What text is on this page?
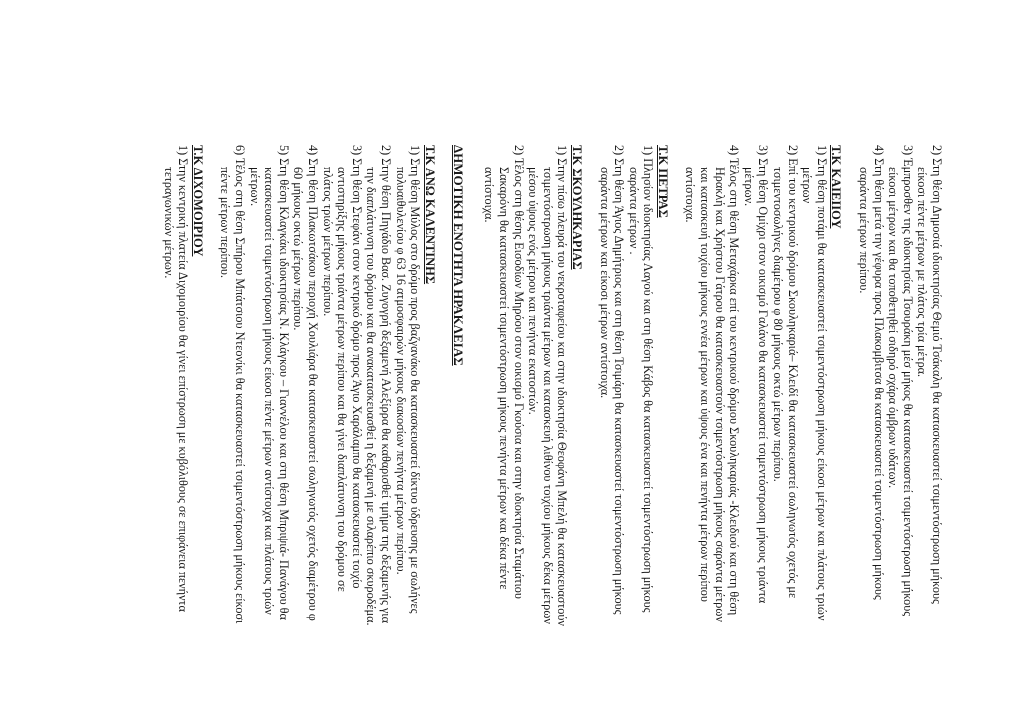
2) Στη θέση Δημοσιά ιδιοκτησίας Θεμιό Τσάκαλη θα κατασκευαστεί τσιμεντόστρωση μήκους είκοσι πέντε μέτρων με πλάτος τρία μέτρα.

3) Έμπροσθεν της ιδιοκτησίας Τσουράκη μέσ μήκος θα κατασκευαστεί τσιμεντόστρωση μήκους είκοσι μέτρων και θα τοποθετηθεί σιδηρό σχάρα όμβρων υδάτων.

4) Στη θέση μετά την γέφυρα προς Πλακομβιτσα θα κατασκευαστεί τσιμεντόστρωση μήκους σαράντα μέτρων περίπου.

Τ.Κ ΚΑΙΕΙΙΟΥ

1) Στη θέση ποτάμι θα κατασκευαστεί τσιμεντόστρωση μήκους είκοσι μέτρων και πλάτους τριών μέτρων

2) Επί του κεντρικού δρόμου Σκουληκαριά– Κλειδί θα κατασκευαστεί σωληνωτός οχετός με τσιμεντοσωλήνες διαμέτρου φ 80 μήκους οκτώ μέτρων περίπου.

3) Στη θέση Ομίχρι στον οικισμό Γαλάνο θα κατασκευαστεί τσιμεντόστρωση μήκους τριάντα μέτρων.

4) Τέλος στη θέση Μεταχάρκα επί του κεντρικού δρόμου Σκουληκαριάς -Κλειδιού και στη θέση Ηρακλή και Χρήστου Γάτρου θα κατασκευαστούν τσιμεντόστρωση μήκους σαράντα μέτρων και κατασκευή τοιχίου μήκους εννέα μέτρων και ύψους ένα και πενήντα μέτρων περίπου αντίστοιχα.

Τ.Κ ΠΕΤΡΑΣ

1) Πλησίον ιδιοκτησίας Λαγού και στη θέση Κάβος θα κατασκευαστεί τσιμεντόστρωση μήκους σαράντα μέτρων .

2) Στη θέση Άγιος Δημήτριος και στη θέση Τσιμάρη θα κατασκευαστεί τσιμεντόστρωση μήκους σαράντα μέτρων και είκοσι μέτρων αντίστοιχα.

Τ.Κ ΣΚΟΥΛΗΚΑΡΙΑΣ

1) Στην πίσω πλευρά του νεκροταφείου και στην ιδιοκτησία Θεοφάνη Μπελή θα κατασκευαστούν τσιμεντόστρωση μήκους τριάντα μέτρων και κατασκευή λιθίνου τοιχίου μήκους δέκα μέτρων μέσου ύψους ενός μέτρου και πενήντα εκατοστών.

2) Τέλος στη θέσης Εισοδίων Μηρόου στον οικισμό Γκούσια και στην ιδιοκτησία Σταμάτιου Σακαρόνη θα κατασκευαστεί τσιμεντόστρωση μήκους πενήντα μέτρων και δέκα πέντε αντίστοιχα.

ΔΗΜΟΤΙΚΗ ΕΝΟΤΗΤΑ ΗΡΑΚΛΕΙΑΣ
Τ.Κ ΑΝΩ ΚΑΛΕΝΤΙΝΗΣ

1) Στη θέση Μύλος στο δρόμο προς βαζγανάκο θα κατασκευαστεί δίκτυο ύδρευσης με σωλήνες πολυαιθυλενίου φ 63 16 ατμοσφαιρών μήκους διακοσίων πενήντα μέτρων περίπου.

2) Στην θέση Πηγάδιο Βασ. Ζυγογρή δεξαμενή Αλεξίρρα θα καθαρισθεί τμήμα της δεξαμενής για την διαπλάτυνση του δρόμου και θα ανακατασκευασθεί η δεξαμενή με σιλαρέπιο σκυροδέμα.

3) Στη θέση Στεφάνι στον κεντρικό δρόμο προς Άγιο Χαράλαμπο θα κατασκευαστεί τοιχίο αντιστηρίξης μήκους τριάντα μέτρων περίπου και θα γίνει διαπλάτυνση του δρόμου σε πλάτος τριών μέτρων περίπου.

4) Στη θέση Πλακωτσάκου περιοχή Χουλιάρα θα κατασκευαστεί σωληνωτός οχετός διαμέτρου φ 60 μήκους οκτώ μέτρων περίπου.

5) Στη θέση Κλαγκάκι ιδιοκτησίας Ν. Κλάγκου – Γιαννέλου και στη θέση Μπριψιά- Πανάγου θα κατασκευαστεί τσιμεντόστρωση μήκους είκοσι πέντε μέτρων αντίστοιχα και πλάτους τριών μέτρων.

6) Τέλος στη θέση Σπήρου Μπάτσιου Ντεονίκι θα κατασκευαστεί τσιμεντόστρωση μήκους είκοσι πέντε μέτρων περίπου.

Τ.Κ ΔΙΧΟΜΟΙΡΙΟΥ

1) Στην κεντρική πλατεία Διχομοιρίου θα γίνει επίστρωση με κυβόλιθους σε επιφάνεια πενήντα τετραγωνικών μέτρων.
